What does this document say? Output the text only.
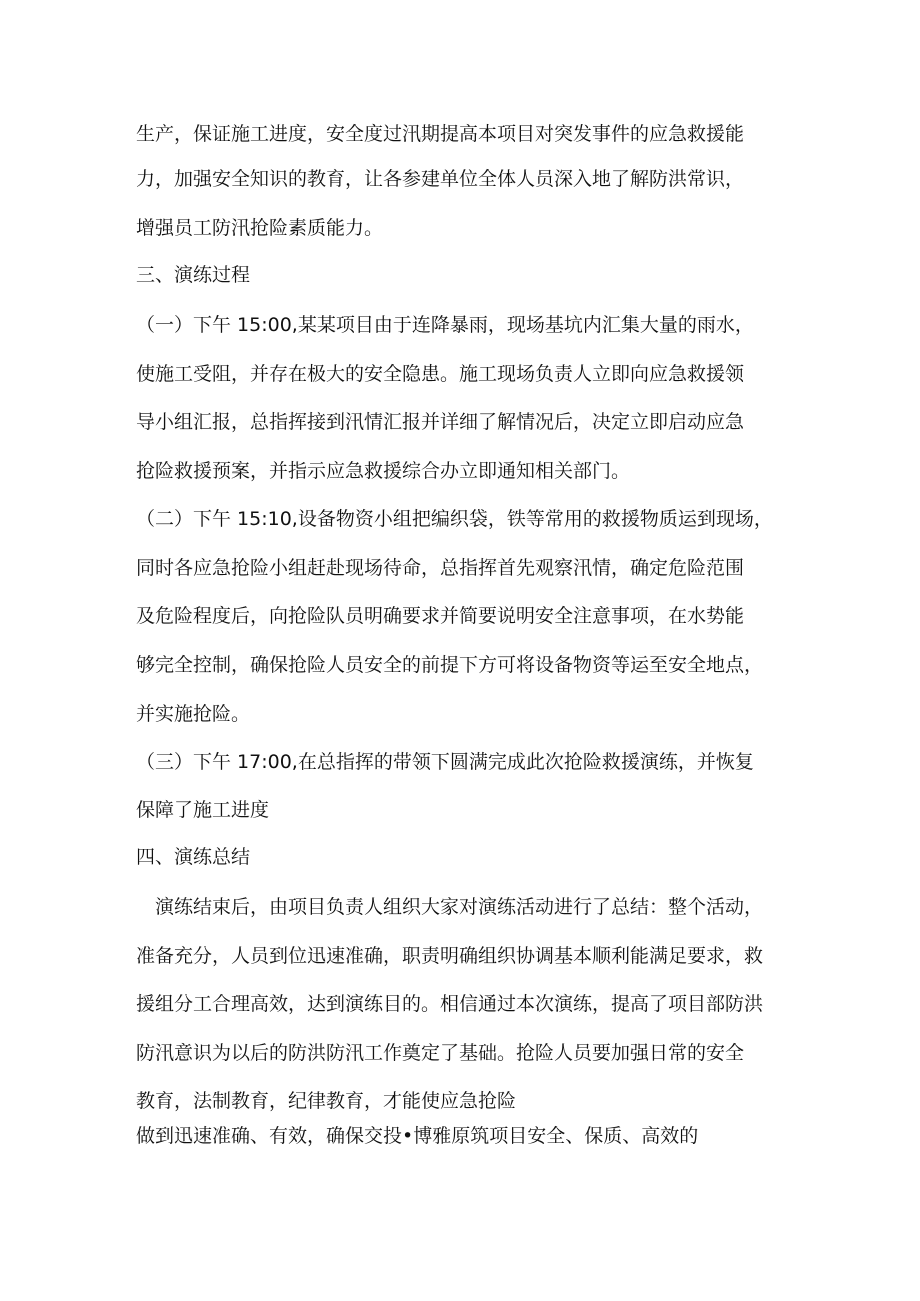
生产，保证施工进度，安全度过汛期提高本项目对突发事件的应急救援能
力，加强安全知识的教育，让各参建单位全体人员深入地了解防洪常识，
增强员工防汛抢险素质能力。
三、演练过程
（一）下午 15:00,某某项目由于连降暴雨，现场基坑内汇集大量的雨水，
使施工受阻，并存在极大的安全隐患。施工现场负责人立即向应急救援领
导小组汇报，总指挥接到汛情汇报并详细了解情况后，决定立即启动应急
抢险救援预案，并指示应急救援综合办立即通知相关部门。
（二）下午 15:10,设备物资小组把编织袋，铁等常用的救援物质运到现场，
同时各应急抢险小组赶赴现场待命，总指挥首先观察汛情，确定危险范围
及危险程度后，向抢险队员明确要求并简要说明安全注意事项，在水势能
够完全控制，确保抢险人员安全的前提下方可将设备物资等运至安全地点，
并实施抢险。
（三）下午 17:00,在总指挥的带领下圆满完成此次抢险救援演练，并恢复
保障了施工进度
四、演练总结
　演练结束后，由项目负责人组织大家对演练活动进行了总结：整个活动，
准备充分，人员到位迅速准确，职责明确组织协调基本顺利能满足要求，救
援组分工合理高效，达到演练目的。相信通过本次演练，提高了项目部防洪
防汛意识为以后的防洪防汛工作奠定了基础。抢险人员要加强日常的安全
教育，法制教育，纪律教育，才能使应急抢险
做到迅速准确、有效，确保交投•博雅原筑项目安全、保质、高效的
